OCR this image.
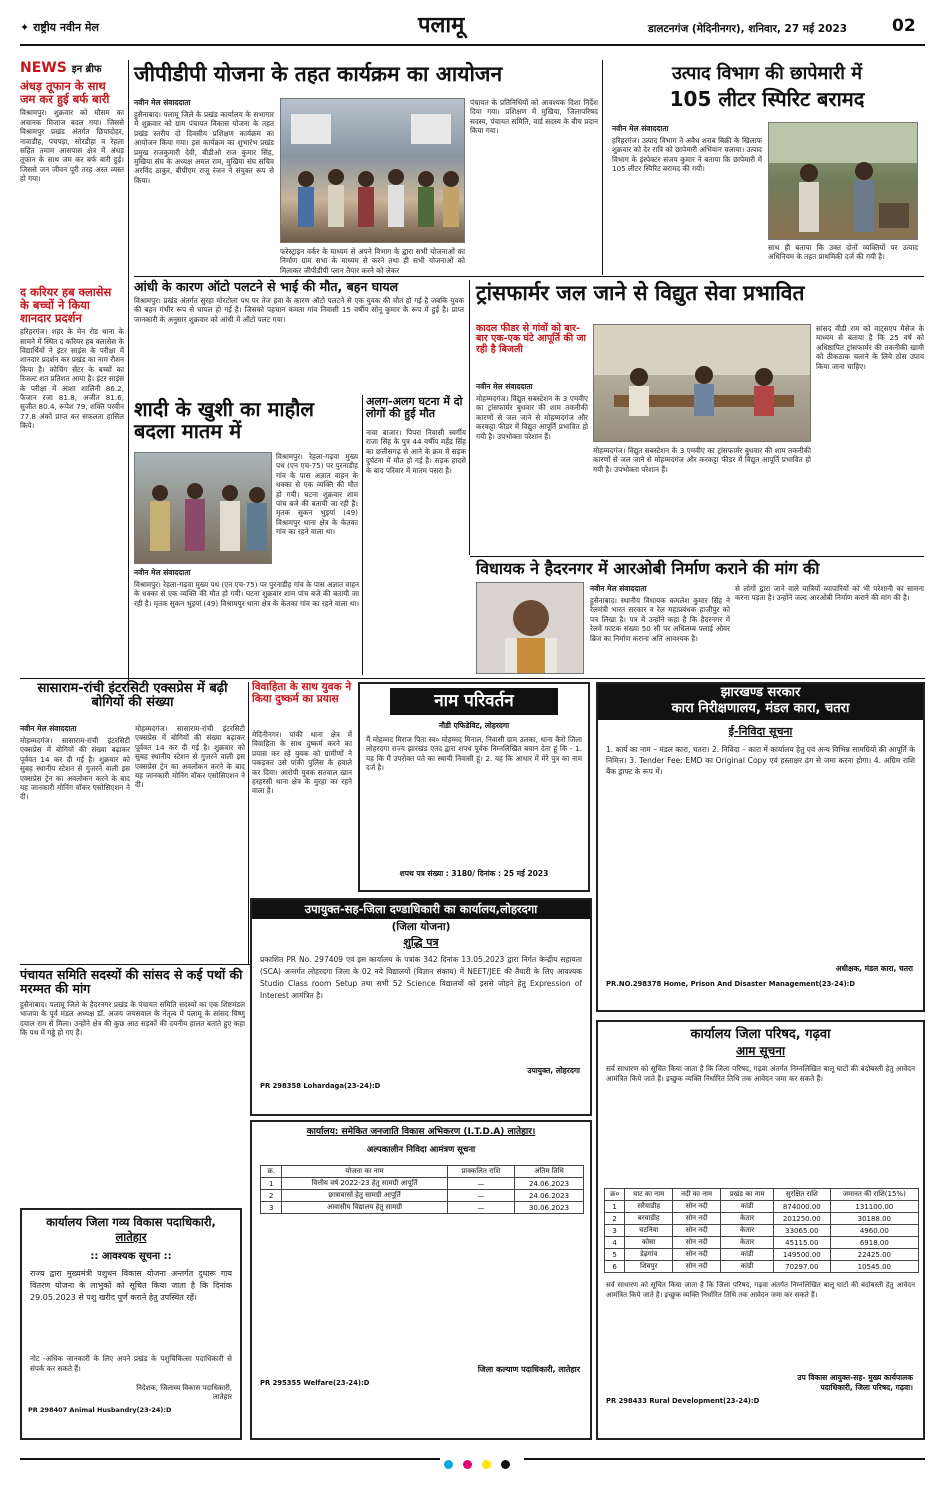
✦ राष्ट्रीय नवीन मेल	पलामू	डालटनगंज (मेदिनीनगर), शनिवार, 27 मई 2023	02
NEWS इन ब्रीफ
अंधड़ तूफान के साथ जम कर हुई बर्फ बारी
विश्रामपुर। शुक्रवार को मौसम का अचानक मिजाज बदल गया। जिससे विश्रामपुर प्रखंड अंतर्गत छिपादोहर, नावाडीह, पंचपड़ा, सोरडीहा व रेहला सहित तमाम आसपास क्षेत्र में अंधड़ तूफान के साथ जम कर बर्फ बारी हुई। जिससे जन जीवन पूरी तरह अस्त व्यस्त हो गया।
द करियर हब क्लासेस के बच्चों ने किया शानदार प्रदर्शन
हरिहरगंज। शहर के मेन रोड थाना के सामने में स्थित द करियर हब क्लासेस के विद्यार्थियों ने इंटर साइंस के परीक्षा में शानदार प्रदर्शन कर प्रखंड का नाम रौशन किया है। कोचिंग सेंटर के बच्चों का रिजल्ट शत प्रतिशत आया है। इंटर साइंस के परीक्षा में आशा शालिनी 86.2, फैजान रजा 81.8, अजीत 81.6, सुजीत 80.4, रूपेश 79, शक्ति परवीन 77.8 अंकों प्राप्त कर सफलता हासिल किये।
जीपीडीपी योजना के तहत कार्यक्रम का आयोजन
नवीन मेल संवाददाता
हुसैनाबाद। पलामू जिले के प्रखंड कार्यालय के सभागार में शुक्रवार को ग्राम पंचायत विकास योजना के तहत प्रखंड स्तरीय दो दिवसीय प्रशिक्षण कार्यक्रम का आयोजन किया गया। इस कार्यक्रम का शुभारंभ प्रखंड प्रमुख राजकुमारी देवी, बीडीओ राज कुमार सिंह, मुखिया संघ के अध्यक्ष अमल राम, मुखिया संघ सचिव अरविंद ठाकुर, बीपीएम राजू रंजन ने संयुक्त रूप से किया।
फरेस्ट्राइन वर्कर के माध्यम से अपने विभाग के द्वारा सभी योजनाओं का निर्माण ग्राम सभा के माध्यम से करने तथा ही सभी योजनाओं को मिलाकर जीपीडीपी प्लान तैयार करने को लेकर
पंचायत के प्रतिनिधियों को आवश्यक दिशा निर्देश दिया गया। प्रशिक्षण में मुखिया, जिलापरिषद सदस्य, पंचायत समिति, वार्ड सदस्य के बीच प्रदान किया गया।
उत्पाद विभाग की छापेमारी में
105 लीटर स्पिरिट बरामद
नवीन मेल संवाददाता
हरिहरगंज। उत्पाद विभाग ने अवैध शराब बिक्री के खिलाफ शुक्रवार को देर रात्रि को छापेमारी अभियान चलाया। उत्पाद विभाग के इंस्पेक्टर संजय कुमार ने बताया कि छापेमारी में 105 लीटर स्पिरिट बरामद की गयी।
साथ ही बताया कि उक्त दोनों व्यक्तियों पर उत्पाद अधिनियम के तहत प्राथमिकी दर्ज की गयी है।
आंधी के कारण ऑटो पलटने से भाई की मौत, बहन घायल
विश्रामपुर। प्रखंड अंतर्गत सुरहा मोरटोला पथ पर तेज हवा के कारण ऑटो पलटने से एक युवक की मौत हो गई है जबकि युवक की बहन गंभीर रूप से घायल हो गई है। जिसको पहचान कमता गांव निवासी 15 वर्षीय सोनू कुमार के रूप में हुई है। प्राप्त जानकारी के अनुसार शुक्रवार को आंधी में ऑटो पलट गया।
ट्रांसफार्मर जल जाने से विद्युत सेवा प्रभावित
कादल फीडर से गांवों को बार-बार एक-एक घंटे आपूर्ति की जा रही है बिजली
नवीन मेल संवाददाता
मोहम्मदगंज। विद्युत सबस्टेशन के 3 एमवीए का ट्रांसफार्मर बुधवार की शाम तकनीकी कारणों से जल जाने से मोहम्मदगंज और करकट्टा फीडर में विद्युत आपूर्ति प्रभावित हो गयी है। उपभोक्ता परेशान हैं।
सांसद वीडी राम को वाट्सएप मैसेज के माध्यम से बताया है कि 25 वर्ष को अधिष्ठापित ट्रांसफार्मर की तकनीकी खामी को ठीकठाक चलाने के लिये ठोस उपाय किया जाना चाहिए।
मोहम्मदगंज। विद्युत सबस्टेशन के 3 एमवीए का ट्रांसफार्मर बुधवार की शाम तकनीकी कारणों से जल जाने से मोहम्मदगंज और करकट्टा फीडर में विद्युत आपूर्ति प्रभावित हो गयी है। उपभोक्ता परेशान हैं।
शादी के खुशी का माहौल बदला मातम में
विश्रामपुर। रेहला-गढ़वा मुख्य पथ (एन एच-75) पर पुरनाडीह गांव के पास अज्ञात वाहन के धक्का से एक व्यक्ति की मौत हो गयी। घटना शुक्रवार शाम पांच बजे की बतायी जा रही है। मृतक सुकन भुइयां (49) विश्रामपुर थाना क्षेत्र के केतका गांव का रहने वाला था।
नवीन मेल संवाददाता
विश्रामपुर। रेहला-गढ़वा मुख्य पथ (एन एच-75) पर पुरनाडीह गांव के पास अज्ञात वाहन के धक्का से एक व्यक्ति की मौत हो गयी। घटना शुक्रवार शाम पांच बजे की बतायी जा रही है। मृतक सुकन भुइयां (49) विश्रामपुर थाना क्षेत्र के केतका गांव का रहने वाला था।
अलग-अलग घटना में दो लोगों की हुई मौत
नावा बाजार। पिपरा निवासी स्वर्गीय राजा सिंह के पुत्र 44 वर्षीय महेंद्र सिंह का छत्तीसगढ़ से आने के क्रम में सड़क दुर्घटना में मौत हो गई है। सड़क हादसे के बाद परिवार में मातम पसरा है।
विधायक ने हैदरनगर में आरओबी निर्माण कराने की मांग की
नवीन मेल संवाददाता
हुसैनाबाद। स्थानीय विधायक कमलेश कुमार सिंह ने रेलमंत्री भारत सरकार व रेल महाप्रबंधक हाजीपुर को पत्र लिखा है। पत्र में उन्होंने कहा है कि हैदरनगर में रेलवे फाटक संख्या 50 सी पर अधिलम्ब फ्लाई ओवर ब्रिज का निर्माण कराना अति आवश्यक है।
से लोगों द्वारा जाने वाले यात्रियों व्यापारियों को भी परेशानी का सामना करना पड़ता है। उन्होंने जल्द आरओबी निर्माण कराने की मांग की है।
सासाराम-रांची इंटरसिटी एक्सप्रेस में बढ़ी बोगियों की संख्या
नवीन मेल संवाददाता
मोहम्मदगंज। सासाराम-रांची इंटरसिटी एक्सप्रेस में बोगियों की संख्या बढ़ाकर पूर्ववत 14 कर दी गई है। शुक्रवार को सुबह स्थानीय स्टेशन से गुजरने वाली इस एक्सप्रेस ट्रेन का अवलोकन करने के बाद यह जानकारी मोनिंग वॉकर एसोसिएशन ने दी।
मोहम्मदगंज। सासाराम-रांची इंटरसिटी एक्सप्रेस में बोगियों की संख्या बढ़ाकर पूर्ववत 14 कर दी गई है। शुक्रवार को सुबह स्थानीय स्टेशन से गुजरने वाली इस एक्सप्रेस ट्रेन का अवलोकन करने के बाद यह जानकारी मोनिंग वॉकर एसोसिएशन ने दी।
विवाहिता के साथ युवक ने किया दुष्कर्म का प्रयास
मेदिनीनगर। पांकी थाना क्षेत्र में विवाहिता के साथ दुष्कर्म करने का प्रयास कर रहे युवक को ग्रामीणों ने पकड़कर उसे पांकी पुलिस के हवाले कर दिया। आरोपी युवक सतवाल खान हरहरसी थाना क्षेत्र के मुरहा का रहने वाला है।
नाम परिवर्तन
नौडी एफिडेविट, लोहरदगा
मैं मोहम्मद मिराज पिता स्व० मोहम्मद मिनाल, निवासी ग्राम उलका, थाना कैरो जिला लोहरदगा राज्य झारखंड एतद द्वारा शपथ पूर्वक निम्नलिखित बयान देता हूं कि - 1. यह कि मैं उपरोक्त पते का स्थायी निवासी हूं। 2. यह कि आधार में मेरे पुत्र का नाम दर्ज है।
शपथ पत्र संख्या : 3180/ दिनांक : 25 मई 2023
झारखण्ड सरकार
कारा निरीक्षणालय, मंडल कारा, चतरा
ई-निविदा सूचना
1. कार्य का नाम – मंडल कारा, चतरा। 2. निविदा – कारा में कार्यालय हेतु एवं अन्य विभिन्न सामग्रियों की आपूर्ति के निमित्त। 3. Tender Fee: EMD का Original Copy एवं हस्ताक्षर ढ़ंग से जमा करना होगा। 4. अग्रिम राशि बैंक ड्राफ्ट के रूप में।
अधीक्षक, मंडल कारा, चतरा
PR.NO.298378 Home, Prison And Disaster Management(23-24):D
पंचायत समिति सदस्यों की सांसद से कई पथों की मरम्मत की मांग
हुसैनाबाद। पलामू जिले के हैदरनगर प्रखंड के पंचायत समिति सदस्यों का एक शिष्टमंडल भाजपा के पूर्व मंडल अध्यक्ष डॉ. अजय जयसवाल के नेतृत्व में पलामू के सांसद विष्णु दयाल राम से मिला। उन्होंने क्षेत्र की कुछ आठ सड़कों की दयनीय हालत बताते हुए कहा कि पथ में गड्ढे हो गए हैं।
उपायुक्त-सह-जिला दण्डाधिकारी का कार्यालय,लोहरदगा
(जिला योजना)
शुद्धि पत्र
प्रकाशित PR No. 297409 एवं इस कार्यालय के पत्रांक 342 दिनांक 13.05.2023 द्वारा निर्गत केन्द्रीय सहायता (SCA) अन्तर्गत लोहरदगा जिला के 02 नये विद्यालयों (विज्ञान संकाय) में NEET/JEE की तैयारी के लिए आवश्यक Studio Class room Setup तथा सभी 52 Science विद्यालयों को इससे जोड़ने हेतु Expression of Interest आमंत्रित है।
उपायुक्त, लोहरदगा
PR 298358 Lohardaga(23-24):D
कार्यालय जिला परिषद, गढ़वा
आम सूचना
सर्व साधारण को सूचित किया जाता है कि जिला परिषद, गढ़वा अंतर्गत निम्नलिखित बालू घाटों की बंदोबस्ती हेतु आवेदन आमंत्रित किये जाते हैं। इच्छुक व्यक्ति निर्धारित तिथि तक आवेदन जमा कर सकते हैं।
क्र०	घाट का नाम	नदी का नाम	प्रखंड का नाम	सुरक्षित राशि	जमानत की राशि(15%)
1	सरैयाडीह	सोन नदी	कांडी	874000.00	131100.00
2	बरवाडीह	सोन नदी	केतार	201250.00	30188.00
3	चटनिया	सोन नदी	केतार	33065.00	4960.00
4	कोसा	सोन नदी	केतार	45115.00	6918.00
5	डेढ़गांव	सोन नदी	कांडी	149500.00	22425.00
6	शिवपुर	सोन नदी	कांडी	70297.00	10545.00
सर्व साधारण को सूचित किया जाता है कि जिला परिषद, गढ़वा अंतर्गत निम्नलिखित बालू घाटों की बंदोबस्ती हेतु आवेदन आमंत्रित किये जाते हैं। इच्छुक व्यक्ति निर्धारित तिथि तक आवेदन जमा कर सकते हैं।
उप विकास आयुक्त-सह- मुख्य कार्यपालक पदाधिकारी, जिला परिषद, गढ़वा।
PR 298433 Rural Development(23-24):D
कार्यालय जिला गव्य विकास पदाधिकारी,
लातेहार
:: आवश्यक सूचना ::
राज्य द्वारा मुख्यमंत्री पशुधन विकास योजना अन्तर्गत दुधारू गाय वितरण योजना के लाभुकों को सूचित किया जाता है कि दिनांक 29.05.2023 से पशु खरीद पूर्ण कराने हेतु उपस्थित रहें।
नोट -अधिक जानकारी के लिए अपने प्रखंड के पशुचिकित्सा पदाधिकारी से संपर्क कर सकते हैं।
निदेशक, जिलाव्य विकास पदाधिकारी, लातेहार
PR 298407 Animal Husbandry(23-24):D
कार्यालय: समेकित जनजाति विकास अभिकरण (I.T.D.A) लातेहार।
अल्पकालीन निविदा आमंत्रण सूचना
क्र.	योजना का नाम	प्राक्कलित राशि	अंतिम तिथि
1	वित्तीय वर्ष 2022-23 हेतु सामग्री आपूर्ति	—	24.06.2023
2	छात्रावासों हेतु सामग्री आपूर्ति	—	24.06.2023
3	आवासीय विद्यालय हेतु सामग्री	—	30.06.2023
जिला कल्याण पदाधिकारी, लातेहार
PR 295355 Welfare(23-24):D
